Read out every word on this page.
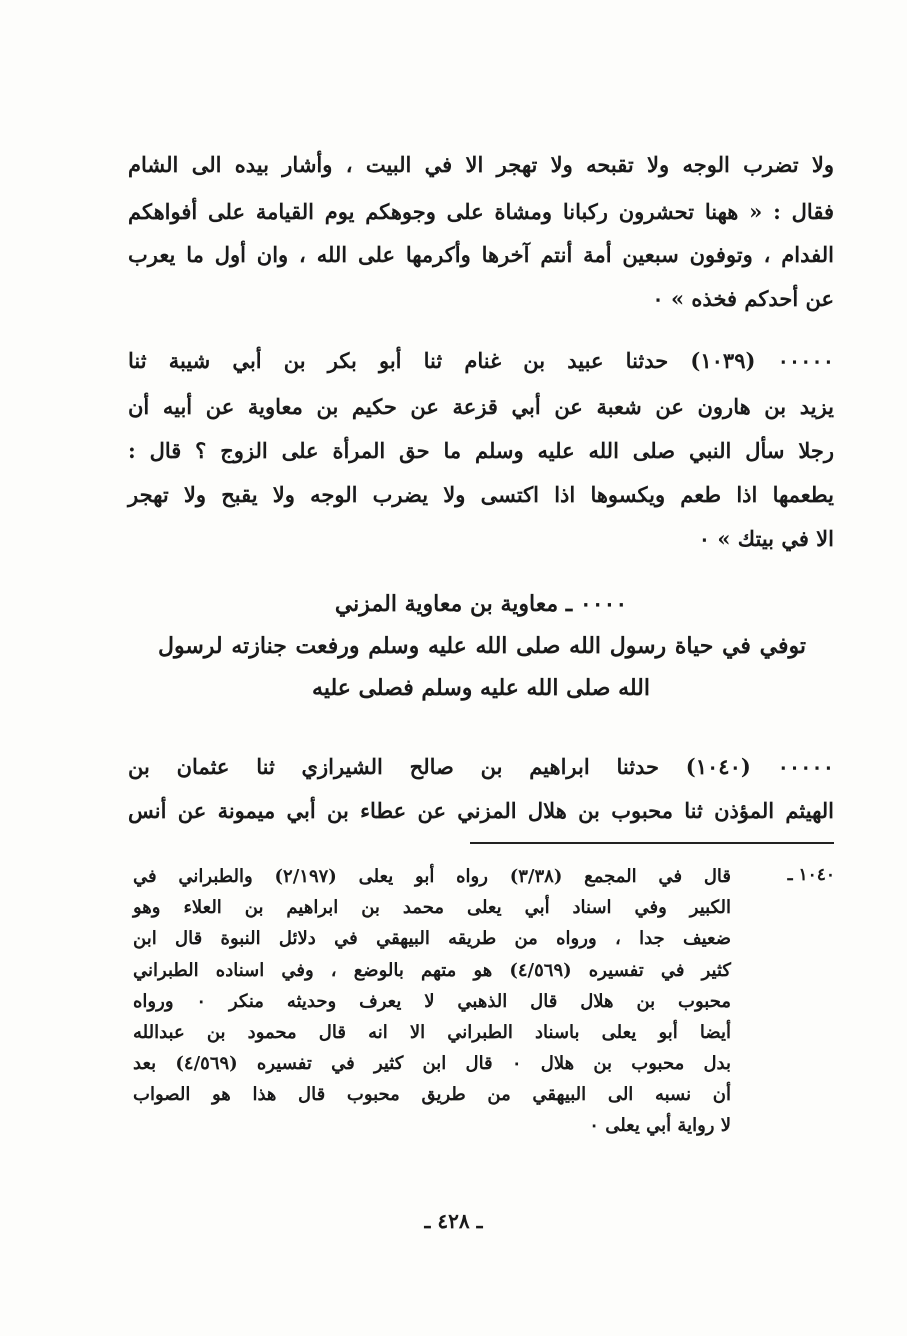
ولا تضرب الوجه ولا تقبحه ولا تهجر الا في البيت ، وأشار بيده الى الشام
فقال : « ههنا تحشرون ركبانا ومشاة على وجوهكم يوم القيامة على أفواهكم
الفدام ، وتوفون سبعين أمة أنتم آخرها وأكرمها على الله ، وان أول ما يعرب
عن أحدكم فخذه » ٠
٠٠٠٠٠ (١٠٣٩) حدثنا عبيد بن غنام ثنا أبو بكر بن أبي شيبة ثنا
يزيد بن هارون عن شعبة عن أبي قزعة عن حكيم بن معاوية عن أبيه أن
رجلا سأل النبي صلى الله عليه وسلم ما حق المرأة على الزوج ؟ قال :
يطعمها اذا طعم ويكسوها اذا اكتسى ولا يضرب الوجه ولا يقبح ولا تهجر
الا في بيتك » ٠
٠٠٠٠ ـ معاوية بن معاوية المزني
توفي في حياة رسول الله صلى الله عليه وسلم ورفعت جنازته لرسول
الله صلى الله عليه وسلم فصلى عليه
٠٠٠٠٠ (١٠٤٠) حدثنا ابراهيم بن صالح الشيرازي ثنا عثمان بن
الهيثم المؤذن ثنا محبوب بن هلال المزني عن عطاء بن أبي ميمونة عن أنس
١٠٤٠ ـ
قال في المجمع (٣/٣٨) رواه أبو يعلى (٢/١٩٧) والطبراني في
الكبير وفي اسناد أبي يعلى محمد بن ابراهيم بن العلاء وهو
ضعيف جدا ، ورواه من طريقه البيهقي في دلائل النبوة قال ابن
كثير في تفسيره (٤/٥٦٩) هو متهم بالوضع ، وفي اسناده الطبراني
محبوب بن هلال قال الذهبي لا يعرف وحديثه منكر ٠ ورواه
أيضا أبو يعلى باسناد الطبراني الا انه قال محمود بن عبدالله
بدل محبوب بن هلال ٠ قال ابن كثير في تفسيره (٤/٥٦٩) بعد
أن نسبه الى البيهقي من طريق محبوب قال هذا هو الصواب
لا رواية أبي يعلى ٠
ـ ٤٢٨ ـ
